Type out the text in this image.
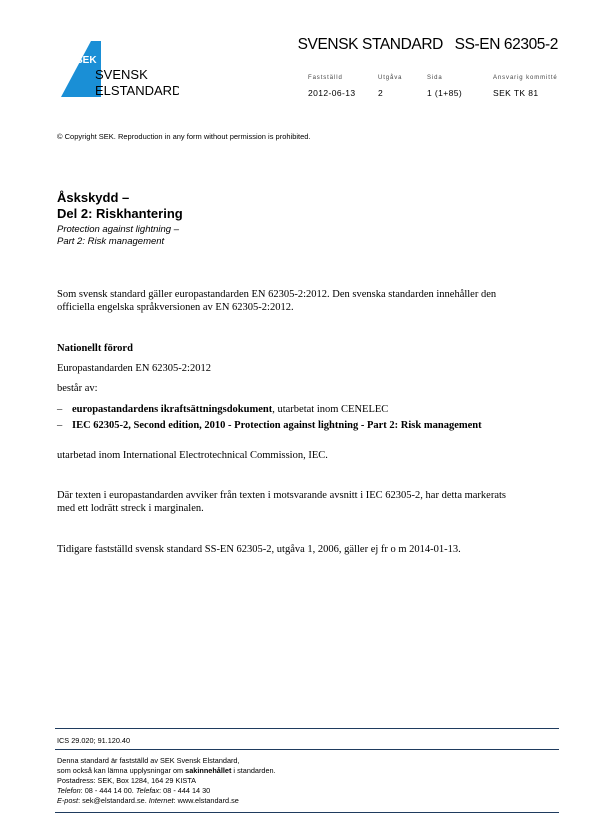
SEK
SVENSK
ELSTANDARD
SVENSK STANDARD   SS-EN 62305-2
Fastställd	Utgåva	Sida	Ansvarig kommitté
2012-06-13	2	1 (1+85)	SEK TK 81
© Copyright SEK. Reproduction in any form without permission is prohibited.
Åskskydd –
Del 2: Riskhantering
Protection against lightning –
Part 2: Risk management
Som svensk standard gäller europastandarden EN 62305-2:2012. Den svenska standarden innehåller den
officiella engelska språkversionen av EN 62305-2:2012.
Nationellt förord
Europastandarden EN 62305-2:2012
består av:
– europastandardens ikraftsättningsdokument, utarbetat inom CENELEC
– IEC 62305-2, Second edition, 2010 - Protection against lightning - Part 2: Risk management
utarbetad inom International Electrotechnical Commission, IEC.
Där texten i europastandarden avviker från texten i motsvarande avsnitt i IEC 62305-2, har detta markerats
med ett lodrätt streck i marginalen.
Tidigare fastställd svensk standard SS-EN 62305-2, utgåva 1, 2006, gäller ej fr o m 2014-01-13.
ICS 29.020; 91.120.40
Denna standard är fastställd av SEK Svensk Elstandard,
som också kan lämna upplysningar om sakinnehållet i standarden.
Postadress: SEK, Box 1284, 164 29 KISTA
Telefon: 08 - 444 14 00. Telefax: 08 - 444 14 30
E-post: sek@elstandard.se. Internet: www.elstandard.se
